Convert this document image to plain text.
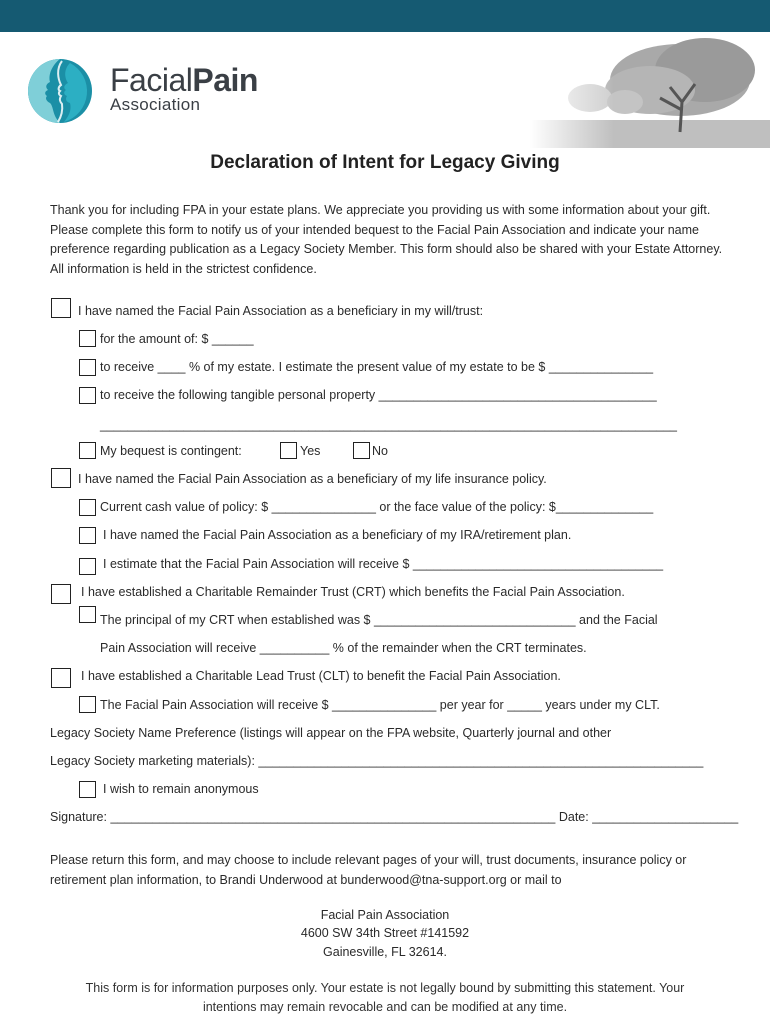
FacialPain
Association
Declaration of Intent for Legacy Giving

Thank you for including FPA in your estate plans. We appreciate you providing us with some information about your gift. Please complete this form to notify us of your intended bequest to the Facial Pain Association and indicate your name preference regarding publication as a Legacy Society Member. This form should also be shared with your Estate Attorney. All information is held in the strictest confidence.

I have named the Facial Pain Association as a beneficiary in my will/trust:
for the amount of: $ ______
to receive ____ % of my estate. I estimate the present value of my estate to be $ _______________
to receive the following tangible personal property ________________________________________
___________________________________________________________________________________
My bequest is contingent:	Yes	No
I have named the Facial Pain Association as a beneficiary of my life insurance policy.
Current cash value of policy: $ _______________ or the face value of the policy: $______________
I have named the Facial Pain Association as a beneficiary of my IRA/retirement plan.
I estimate that the Facial Pain Association will receive $ ____________________________________
I have established a Charitable Remainder Trust (CRT) which benefits the Facial Pain Association.
The principal of my CRT when established was $ _____________________________ and the Facial
Pain Association will receive __________ % of the remainder when the CRT terminates.
I have established a Charitable Lead Trust (CLT) to benefit the Facial Pain Association.
The Facial Pain Association will receive $ _______________ per year for _____ years under my CLT.
Legacy Society Name Preference (listings will appear on the FPA website, Quarterly journal and other
Legacy Society marketing materials): ________________________________________________________________
I wish to remain anonymous
Signature: ________________________________________________________________ Date: _____________________

Please return this form, and may choose to include relevant pages of your will, trust documents, insurance policy or retirement plan information, to Brandi Underwood at bunderwood@tna-support.org or mail to

Facial Pain Association
4600 SW 34th Street #141592
Gainesville, FL 32614.
This form is for information purposes only. Your estate is not legally bound by submitting this statement. Your
intentions may remain revocable and can be modified at any time.
